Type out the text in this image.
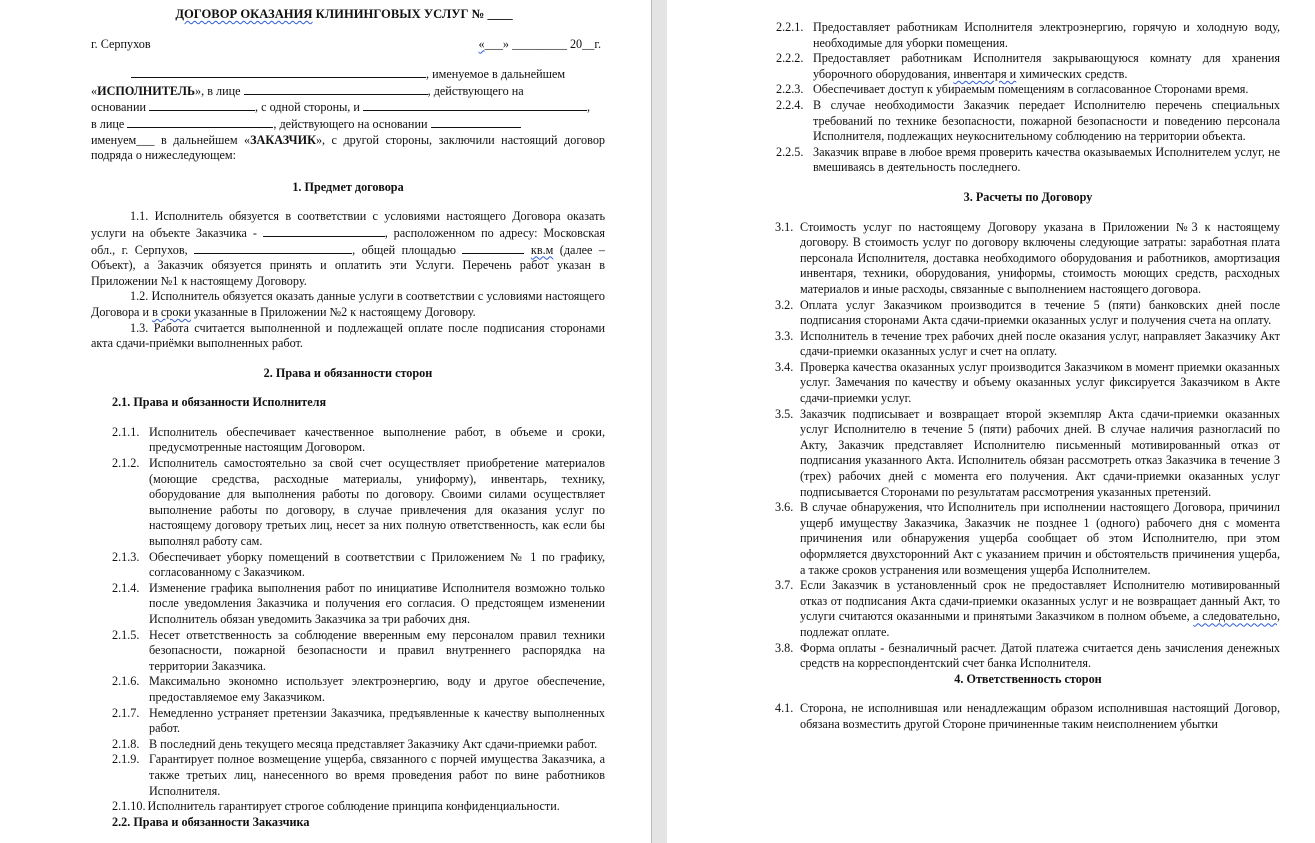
ДОГОВОР ОКАЗАНИЯ КЛИНИНГОВЫХ УСЛУГ № ____

г. Серпухов	«___» _________ 20__г.

, именуемое в дальнейшем

«ИСПОЛНИТЕЛЬ», в лице	, действующего на

основании	, с одной стороны, и	,

в лице	, действующего на основании

именуем___ в дальнейшем «ЗАКАЗЧИК», с другой стороны, заключили настоящий договор подряда о нижеследующем:

1. Предмет договора

1.1. Исполнитель обязуется в соответствии с условиями настоящего Договора оказать услуги на объекте Заказчика -	, расположенном по адресу: Московская обл., г. Серпухов,	, общей площадью	кв.м (далее – Объект), а Заказчик обязуется принять и оплатить эти Услуги. Перечень работ указан в Приложении №1 к настоящему Договору.

1.2. Исполнитель обязуется оказать данные услуги в соответствии с условиями настоящего Договора и в сроки указанные в Приложении №2 к настоящему Договору.

1.3. Работа считается выполненной и подлежащей оплате после подписания сторонами акта сдачи-приёмки выполненных работ.

2. Права и обязанности сторон

2.1. Права и обязанности Исполнителя

2.1.1. Исполнитель обеспечивает качественное выполнение работ, в объеме и сроки, предусмотренные настоящим Договором.
2.1.2. Исполнитель самостоятельно за свой счет осуществляет приобретение материалов (моющие средства, расходные материалы, униформу), инвентарь, технику, оборудование для выполнения работы по договору. Своими силами осуществляет выполнение работы по договору, в случае привлечения для оказания услуг по настоящему договору третьих лиц, несет за них полную ответственность, как если бы выполнял работу сам.
2.1.3. Обеспечивает уборку помещений в соответствии с Приложением № 1 по графику, согласованному с Заказчиком.
2.1.4. Изменение графика выполнения работ по инициативе Исполнителя возможно только после уведомления Заказчика и получения его согласия. О предстоящем изменении Исполнитель обязан уведомить Заказчика за три рабочих дня.
2.1.5. Несет ответственность за соблюдение вверенным ему персоналом правил техники безопасности, пожарной безопасности и правил внутреннего распорядка на территории Заказчика.
2.1.6. Максимально экономно использует электроэнергию, воду и другое обеспечение, предоставляемое ему Заказчиком.
2.1.7. Немедленно устраняет претензии Заказчика, предъявленные к качеству выполненных работ.
2.1.8. В последний день текущего месяца представляет Заказчику Акт сдачи-приемки работ.
2.1.9. Гарантирует полное возмещение ущерба, связанного с порчей имущества Заказчика, а также третьих лиц, нанесенного во время проведения работ по вине работников Исполнителя.
2.1.10. Исполнитель гарантирует строгое соблюдение принципа конфиденциальности.

2.2. Права и обязанности Заказчика

2.2.1. Предоставляет работникам Исполнителя электроэнергию, горячую и холодную воду, необходимые для уборки помещения.
2.2.2. Предоставляет работникам Исполнителя закрывающуюся комнату для хранения уборочного оборудования, инвентаря и химических средств.
2.2.3. Обеспечивает доступ к убираемым помещениям в согласованное Сторонами время.
2.2.4. В случае необходимости Заказчик передает Исполнителю перечень специальных требований по технике безопасности, пожарной безопасности и поведению персонала Исполнителя, подлежащих неукоснительному соблюдению на территории объекта.
2.2.5. Заказчик вправе в любое время проверить качества оказываемых Исполнителем услуг, не вмешиваясь в деятельность последнего.

3. Расчеты по Договору

3.1. Стоимость услуг по настоящему Договору указана в Приложении №3 к настоящему договору. В стоимость услуг по договору включены следующие затраты: заработная плата персонала Исполнителя, доставка необходимого оборудования и работников, амортизация инвентаря, техники, оборудования, униформы, стоимость моющих средств, расходных материалов и иные расходы, связанные с выполнением настоящего договора.
3.2. Оплата услуг Заказчиком производится в течение 5 (пяти) банковских дней после подписания сторонами Акта сдачи-приемки оказанных услуг и получения счета на оплату.
3.3. Исполнитель в течение трех рабочих дней после оказания услуг, направляет Заказчику Акт сдачи-приемки оказанных услуг и счет на оплату.
3.4. Проверка качества оказанных услуг производится Заказчиком в момент приемки оказанных услуг. Замечания по качеству и объему оказанных услуг фиксируется Заказчиком в Акте сдачи-приемки услуг.
3.5. Заказчик подписывает и возвращает второй экземпляр Акта сдачи-приемки оказанных услуг Исполнителю в течение 5 (пяти) рабочих дней. В случае наличия разногласий по Акту, Заказчик представляет Исполнителю письменный мотивированный отказ от подписания указанного Акта. Исполнитель обязан рассмотреть отказ Заказчика в течение 3 (трех) рабочих дней с момента его получения. Акт сдачи-приемки оказанных услуг подписывается Сторонами по результатам рассмотрения указанных претензий.
3.6. В случае обнаружения, что Исполнитель при исполнении настоящего Договора, причинил ущерб имуществу Заказчика, Заказчик не позднее 1 (одного) рабочего дня с момента причинения или обнаружения ущерба сообщает об этом Исполнителю, при этом оформляется двухсторонний Акт с указанием причин и обстоятельств причинения ущерба, а также сроков устранения или возмещения ущерба Исполнителем.
3.7. Если Заказчик в установленный срок не предоставляет Исполнителю мотивированный отказ от подписания Акта сдачи-приемки оказанных услуг и не возвращает данный Акт, то услуги считаются оказанными и принятыми Заказчиком в полном объеме, а следовательно, подлежат оплате.
3.8. Форма оплаты - безналичный расчет. Датой платежа считается день зачисления денежных средств на корреспондентский счет банка Исполнителя.

4. Ответственность сторон

4.1. Сторона, не исполнившая или ненадлежащим образом исполнившая настоящий Договор, обязана возместить другой Стороне причиненные таким неисполнением убытки
